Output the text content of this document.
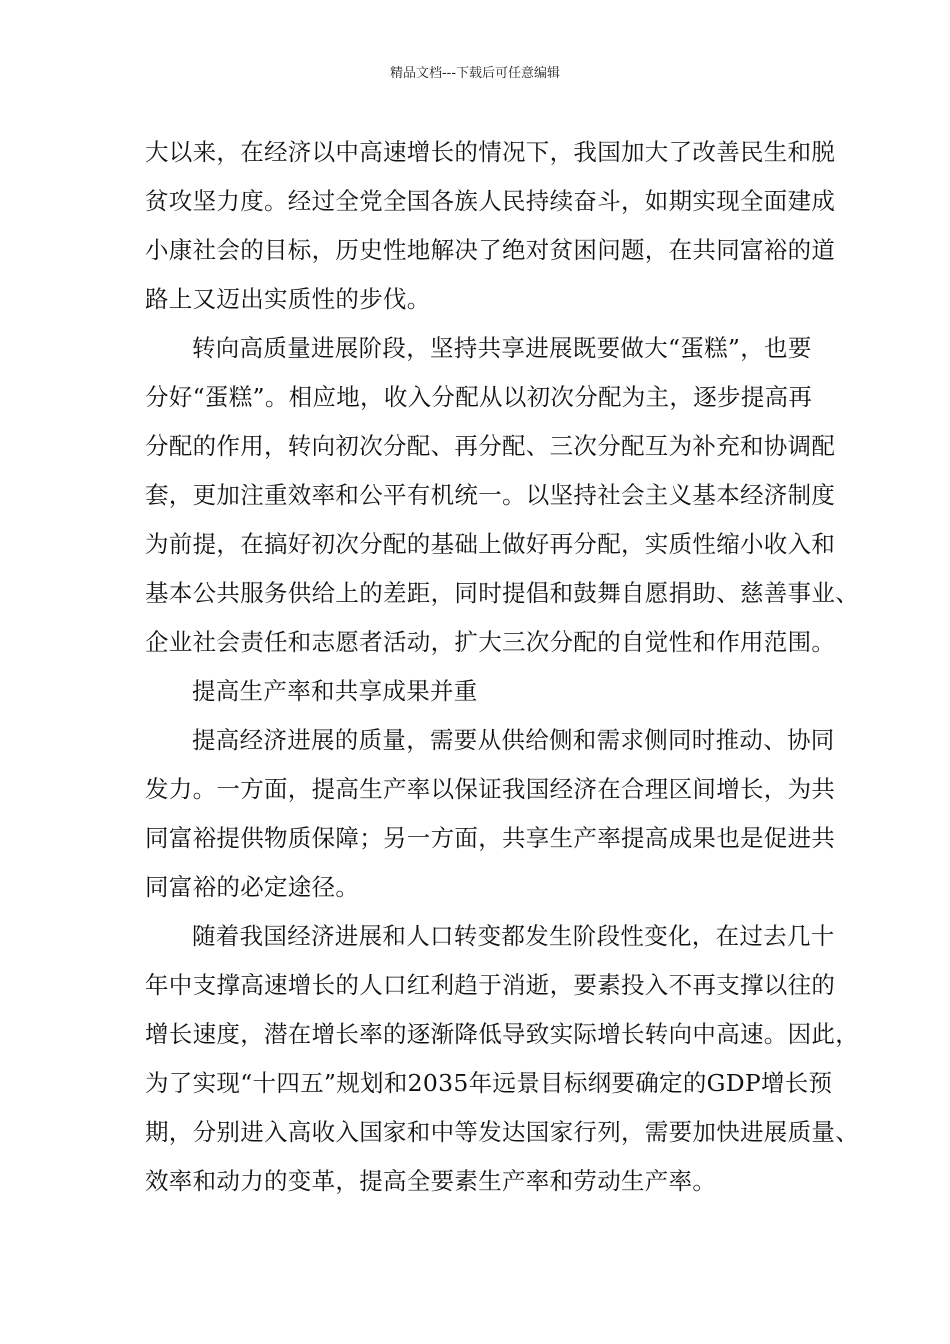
精品文档---下载后可任意编辑
大以来，在经济以中高速增长的情况下，我国加大了改善民生和脱
贫攻坚力度。经过全党全国各族人民持续奋斗，如期实现全面建成
小康社会的目标，历史性地解决了绝对贫困问题，在共同富裕的道
路上又迈出实质性的步伐。
转向高质量进展阶段，坚持共享进展既要做大“蛋糕”，也要
分好“蛋糕”。相应地，收入分配从以初次分配为主，逐步提高再
分配的作用，转向初次分配、再分配、三次分配互为补充和协调配
套，更加注重效率和公平有机统一。以坚持社会主义基本经济制度
为前提，在搞好初次分配的基础上做好再分配，实质性缩小收入和
基本公共服务供给上的差距，同时提倡和鼓舞自愿捐助、慈善事业、
企业社会责任和志愿者活动，扩大三次分配的自觉性和作用范围。
提高生产率和共享成果并重
提高经济进展的质量，需要从供给侧和需求侧同时推动、协同
发力。一方面，提高生产率以保证我国经济在合理区间增长，为共
同富裕提供物质保障；另一方面，共享生产率提高成果也是促进共
同富裕的必定途径。
随着我国经济进展和人口转变都发生阶段性变化，在过去几十
年中支撑高速增长的人口红利趋于消逝，要素投入不再支撑以往的
增长速度，潜在增长率的逐渐降低导致实际增长转向中高速。因此，
为了实现“十四五”规划和2035年远景目标纲要确定的GDP增长预
期，分别进入高收入国家和中等发达国家行列，需要加快进展质量、
效率和动力的变革，提高全要素生产率和劳动生产率。
